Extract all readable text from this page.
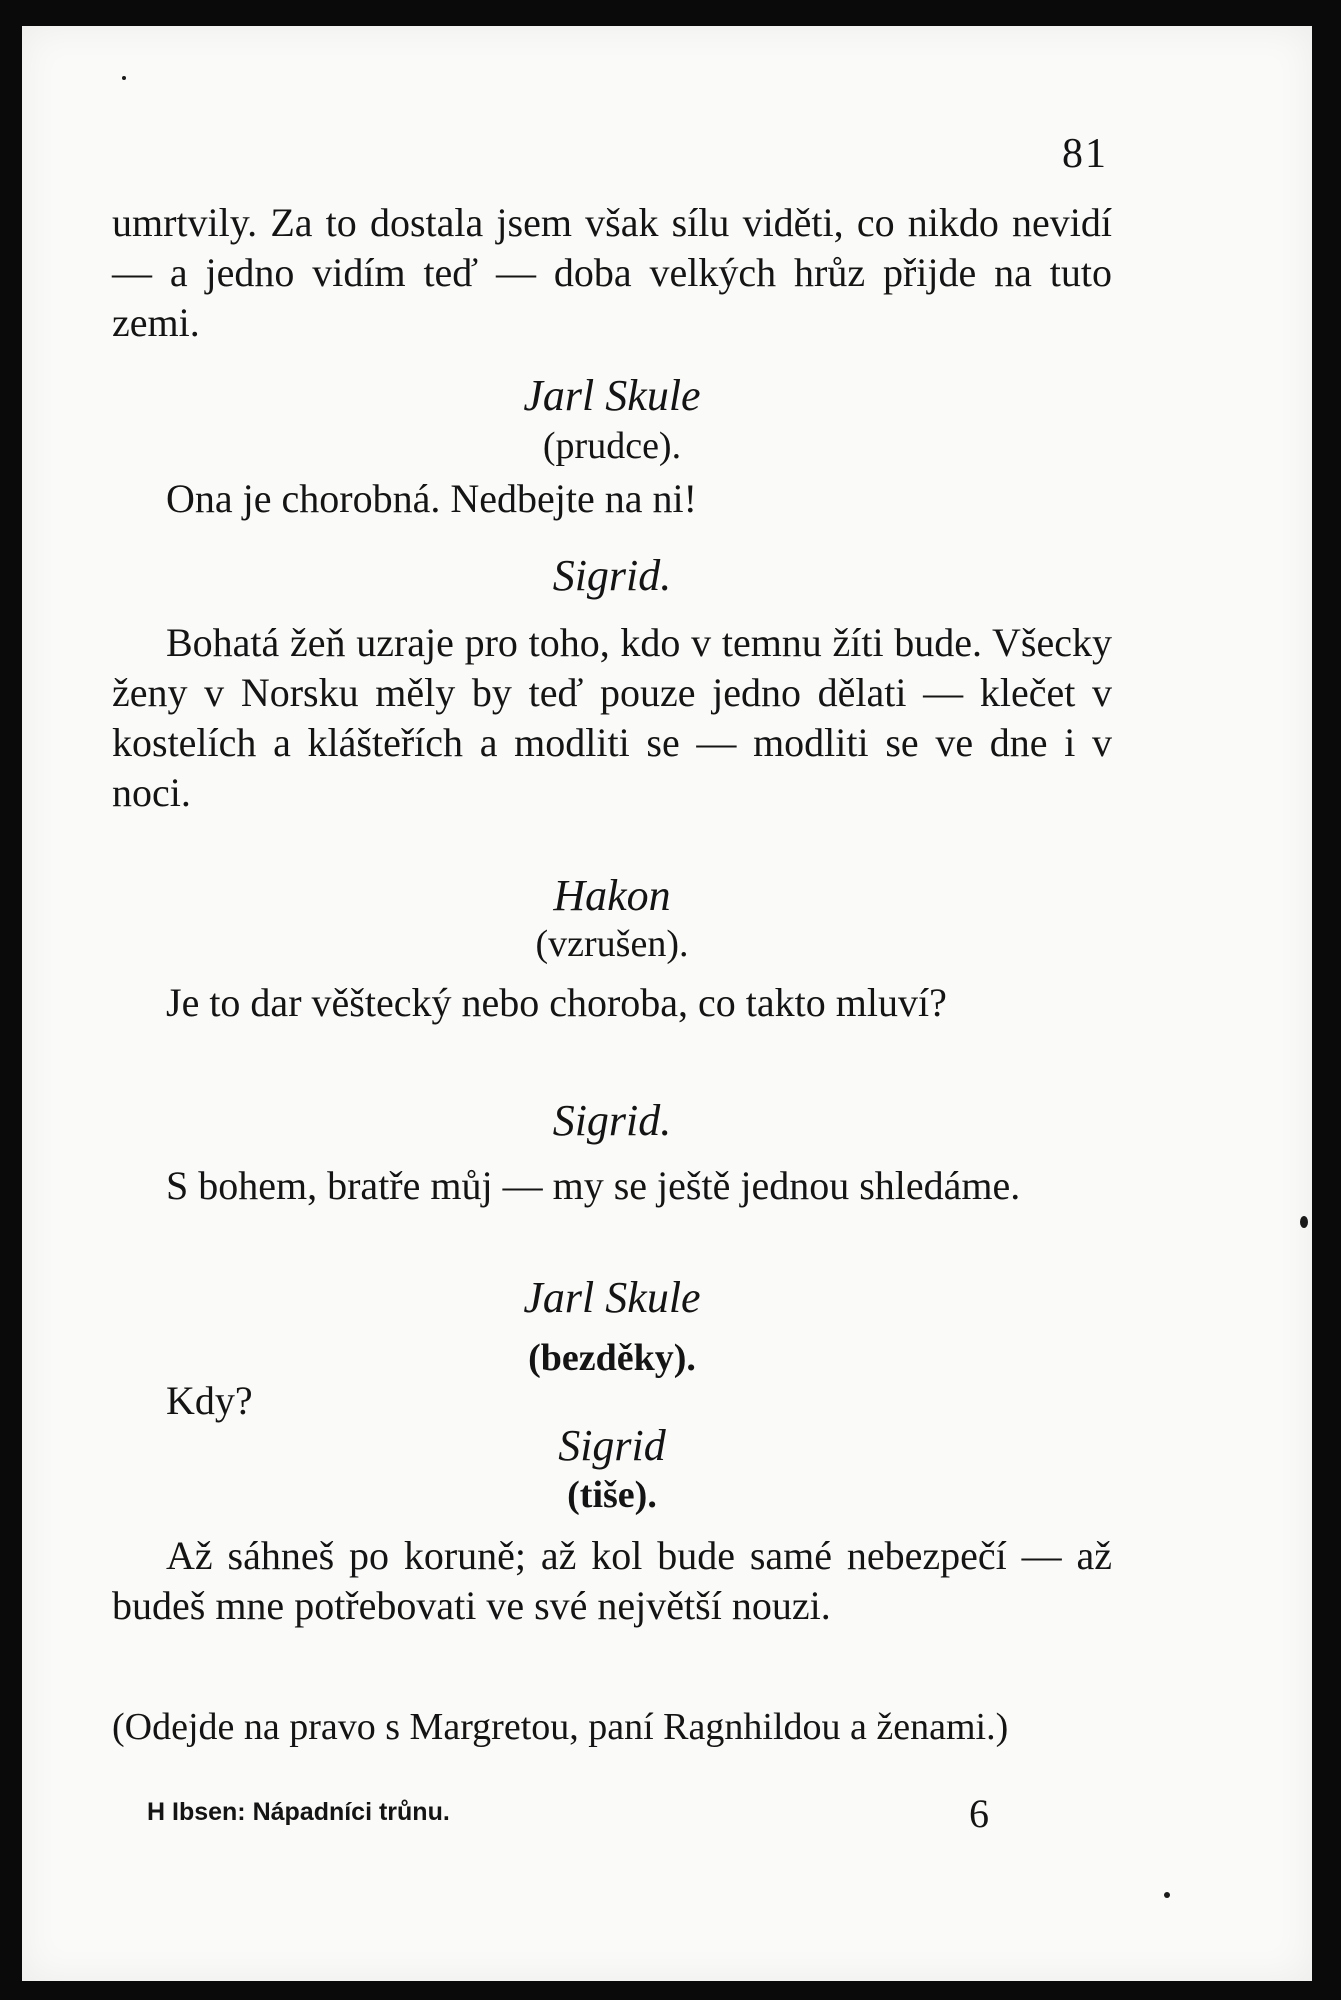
81

umrtvily. Za to dostala jsem však sílu viděti, co nikdo nevidí — a jedno vidím teď — doba velkých hrůz přijde na tuto zemi.

Jarl Skule
(prudce).

Ona je chorobná. Nedbejte na ni!

Sigrid.

Bohatá žeň uzraje pro toho, kdo v temnu žíti bude. Všecky ženy v Norsku měly by teď pouze jedno dělati — klečet v kostelích a klášteřích a modliti se — modliti se ve dne i v noci.

Hakon
(vzrušen).

Je to dar věštecký nebo choroba, co takto mluví?

Sigrid.

S bohem, bratře můj — my se ještě jednou shledáme.

Jarl Skule
(bezděky).

Kdy?

Sigrid
(tiše).

Až sáhneš po koruně; až kol bude samé nebezpečí — až budeš mne potřebovati ve své největší nouzi.

(Odejde na pravo s Margretou, paní Ragnhildou a ženami.)

H Ibsen: Nápadníci trůnu.	6
